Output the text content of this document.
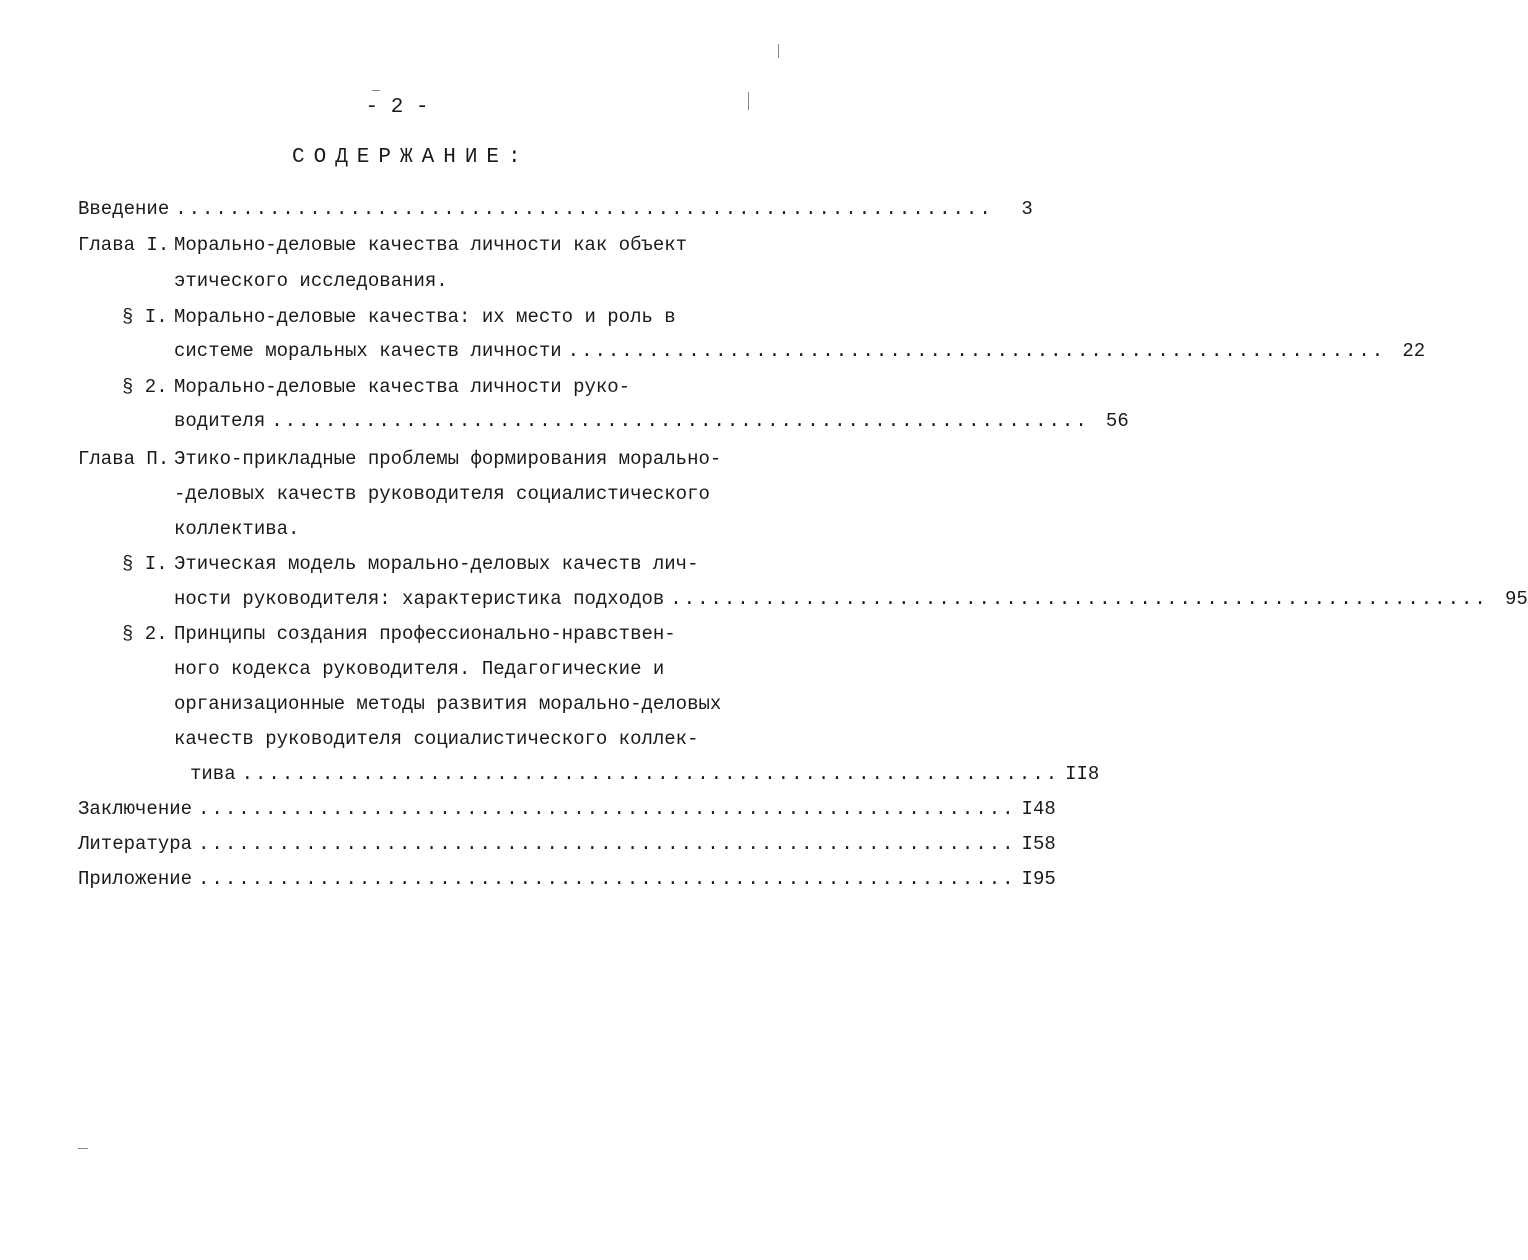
- 2 -
СОДЕРЖАНИЕ:
Введение .............................................................	3
Глава I. Морально-деловые качества личности как объект
этического исследования.
§ I. Морально-деловые качества: их место и роль в
системе моральных качеств личности ............................................................. 22
§ 2. Морально-деловые качества личности руко-
водителя ............................................................. 56
Глава П. Этико-прикладные проблемы формирования морально-
-деловых качеств руководителя социалистического
коллектива.
§ I. Этическая модель морально-деловых качеств лич-
ности руководителя: характеристика подходов ............................................................. 95
§ 2. Принципы создания профессионально-нравствен-
ного кодекса руководителя. Педагогические и
организационные методы развития морально-деловых
качеств руководителя социалистического коллек-
тива ............................................................. II8
Заключение ............................................................. I48
Литература ............................................................. I58
Приложение ............................................................. I95
